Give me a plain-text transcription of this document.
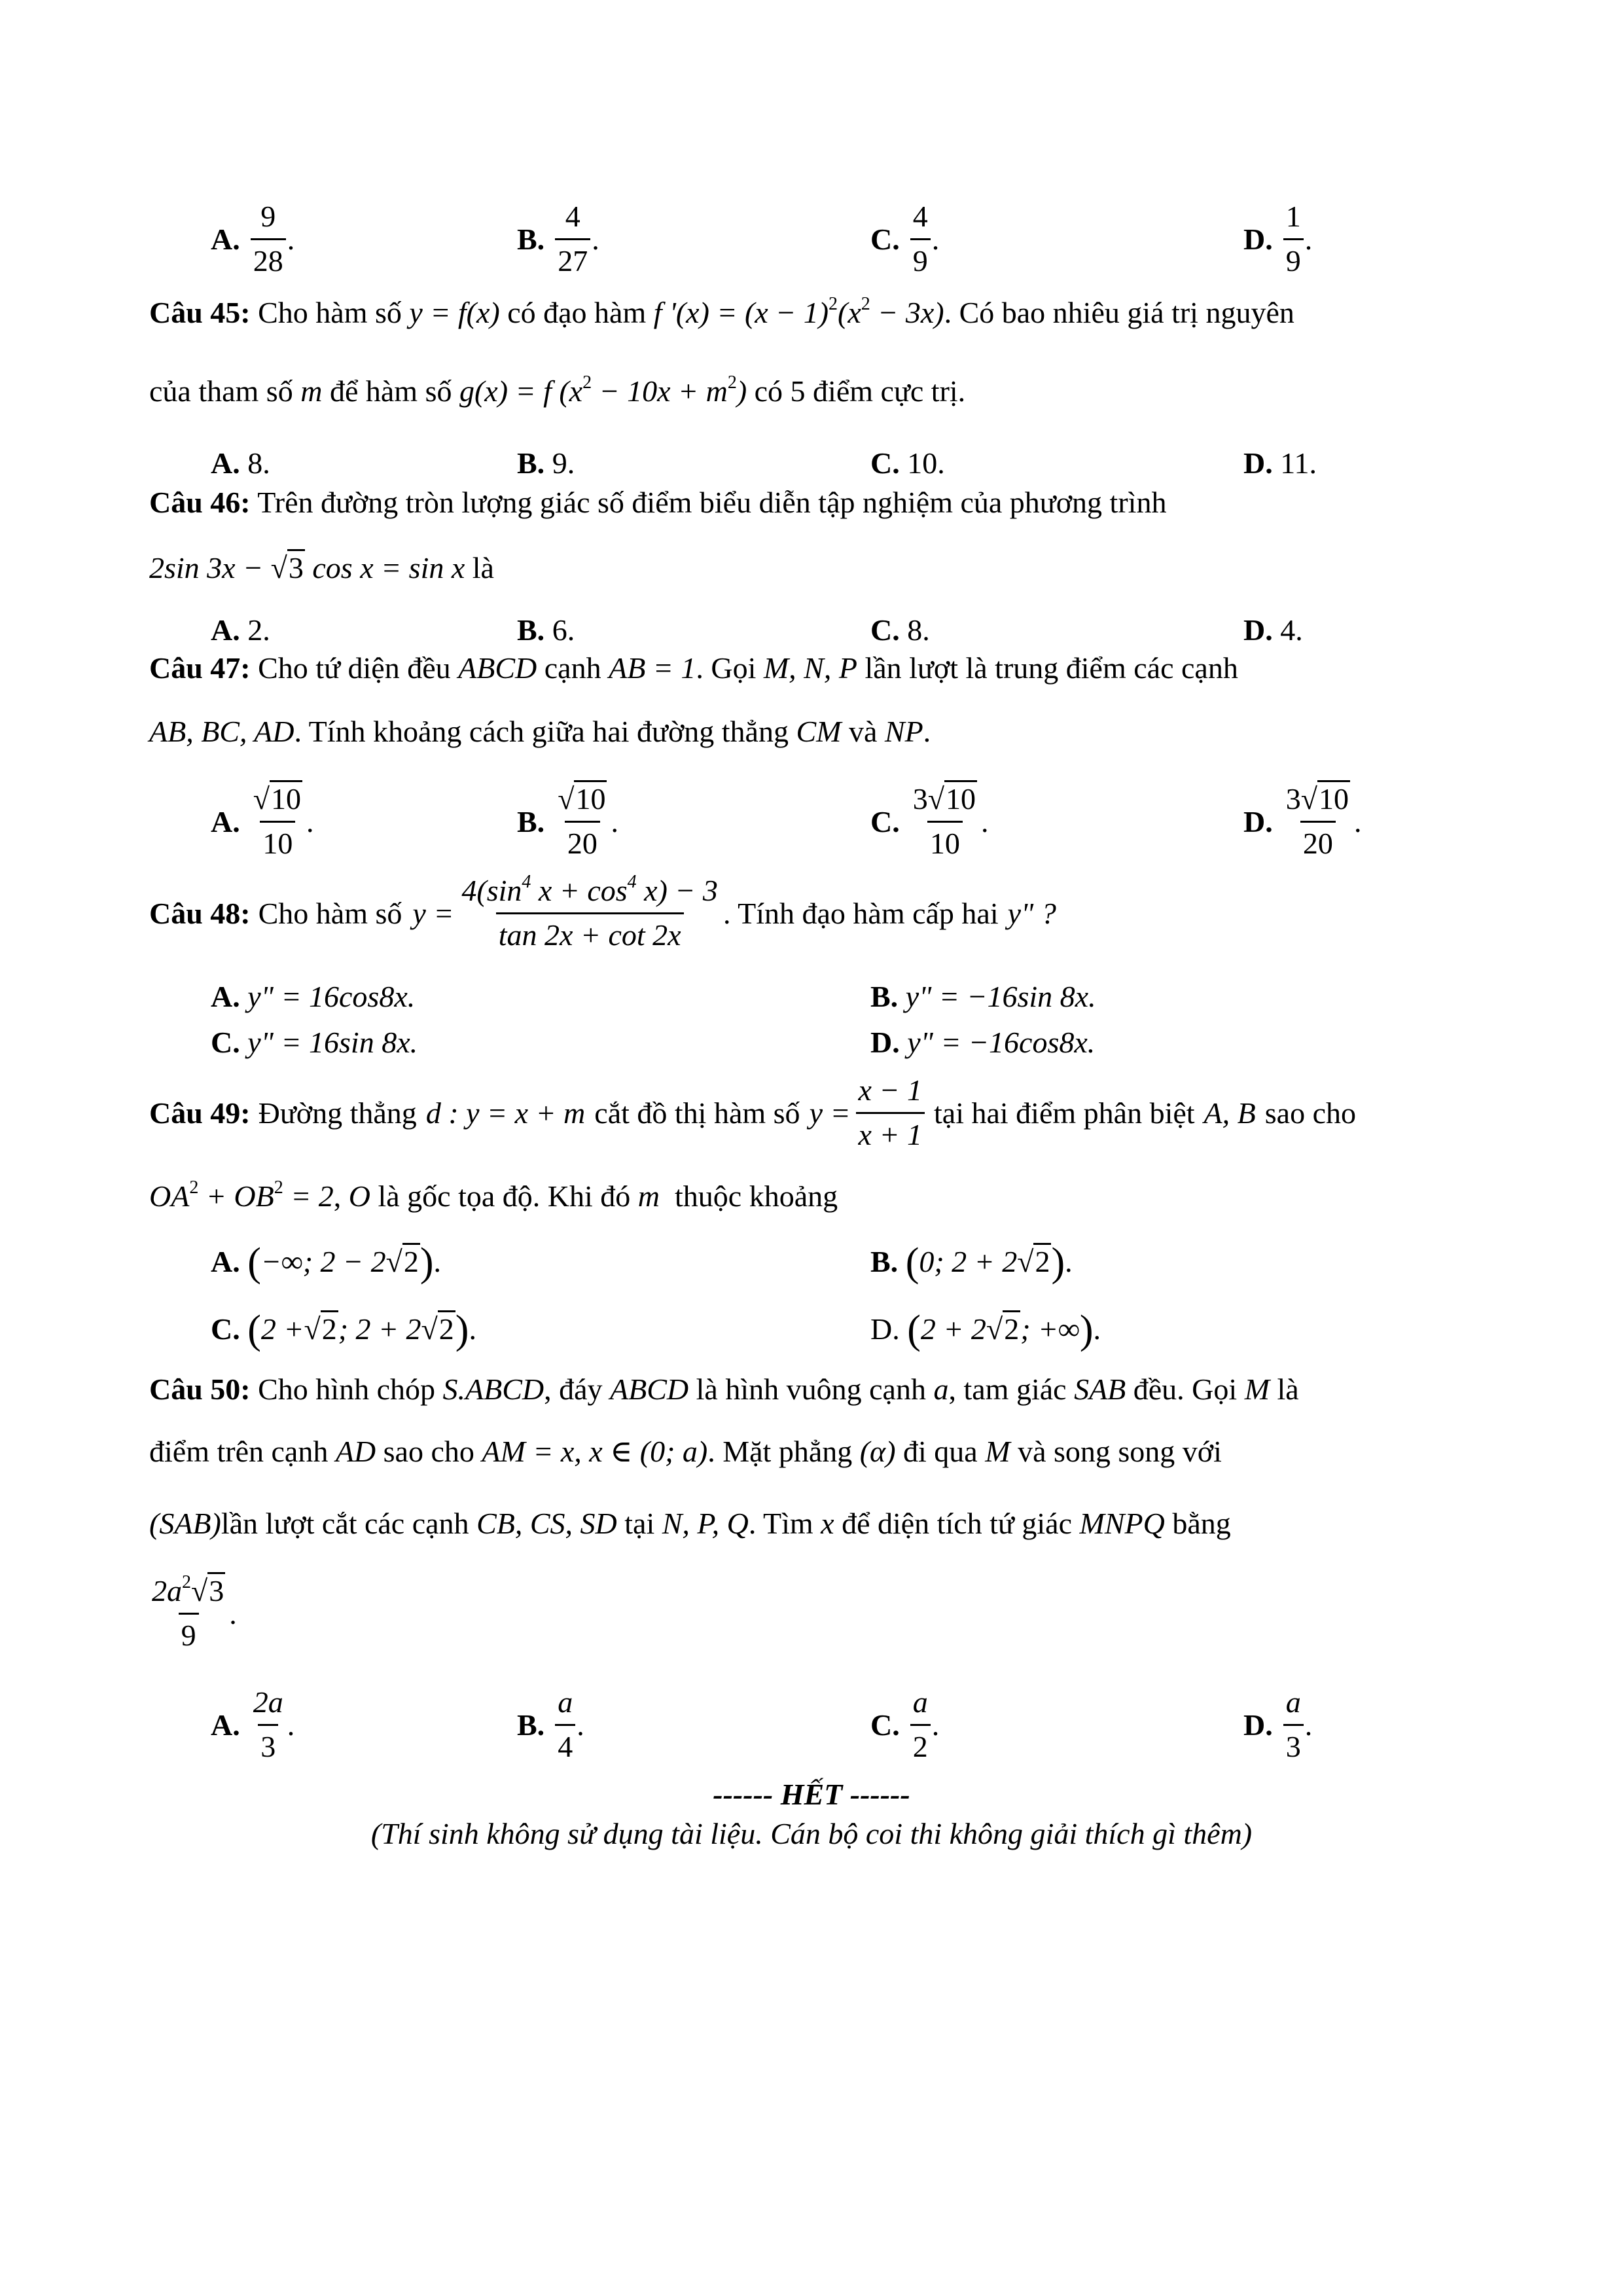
A. $\frac{9}{28}$ .	B. $\frac{4}{27}$ .	C. $\frac{4}{9}$ .	D. $\frac{1}{9}$ .
Câu 45: Cho hàm số y = f(x) có đạo hàm f '$(x) = (x - 1)^2(x^2 - 3x)$. Có bao nhiêu giá trị nguyên
của tham số m để hàm số g(x) = f $(x^2 - 10x + m^2)$ có 5 điểm cực trị.
A. 8.	B. 9.	C. 10.	D. 11.
Câu 46: Trên đường tròn lượng giác số điểm biểu diễn tập nghiệm của phương trình
2sin 3x − √3 cos x = sin x là
A. 2.	B. 6.	C. 8.	D. 4.
Câu 47: Cho tứ diện đều ABCD cạnh AB = 1. Gọi M, N, P lần lượt là trung điểm các cạnh
AB, BC, AD. Tính khoảng cách giữa hai đường thẳng CM và NP.
A. $\frac{√10}{10}$ .	B. $\frac{√10}{20}$ .	C. $\frac{3√10}{10}$ .	D. $\frac{3√10}{20}$ .
Câu 48: Cho hàm số $y = \frac{4(\sin^4 x + \cos^4 x) - 3}{\tan 2x + \cot 2x}$ . Tính đạo hàm cấp hai y" ?
A. y" = 16cos8x.	B. y" = −16sin 8x.
C. y" = 16sin 8x.	D. y" = −16cos8x.
Câu 49: Đường thẳng d : y = x + m cắt đồ thị hàm số $y = \frac{x - 1}{x + 1}$ tại hai điểm phân biệt A, B sao cho
$OA^2 + OB^2 = 2$, O là gốc tọa độ. Khi đó m thuộc khoảng
A. (−∞; 2 − 2√2).	B. (0; 2 + 2√2).
C. (2 +√2; 2 + 2√2).	D. (2 + 2√2; +∞).
Câu 50: Cho hình chóp S.ABCD, đáy ABCD là hình vuông cạnh a, tam giác SAB đều. Gọi M là
điểm trên cạnh AD sao cho AM = x, x ∈ (0; a). Mặt phẳng (α) đi qua M và song song với
(SAB)lần lượt cắt các cạnh CB, CS, SD tại N, P, Q. Tìm x để diện tích tứ giác MNPQ bằng
$\frac{2a^2√3}{9}$ .
A. $\frac{2a}{3}$ .	B. $\frac{a}{4}$ .	C. $\frac{a}{2}$ .	D. $\frac{a}{3}$ .
------ HẾT ------
(Thí sinh không sử dụng tài liệu. Cán bộ coi thi không giải thích gì thêm)
